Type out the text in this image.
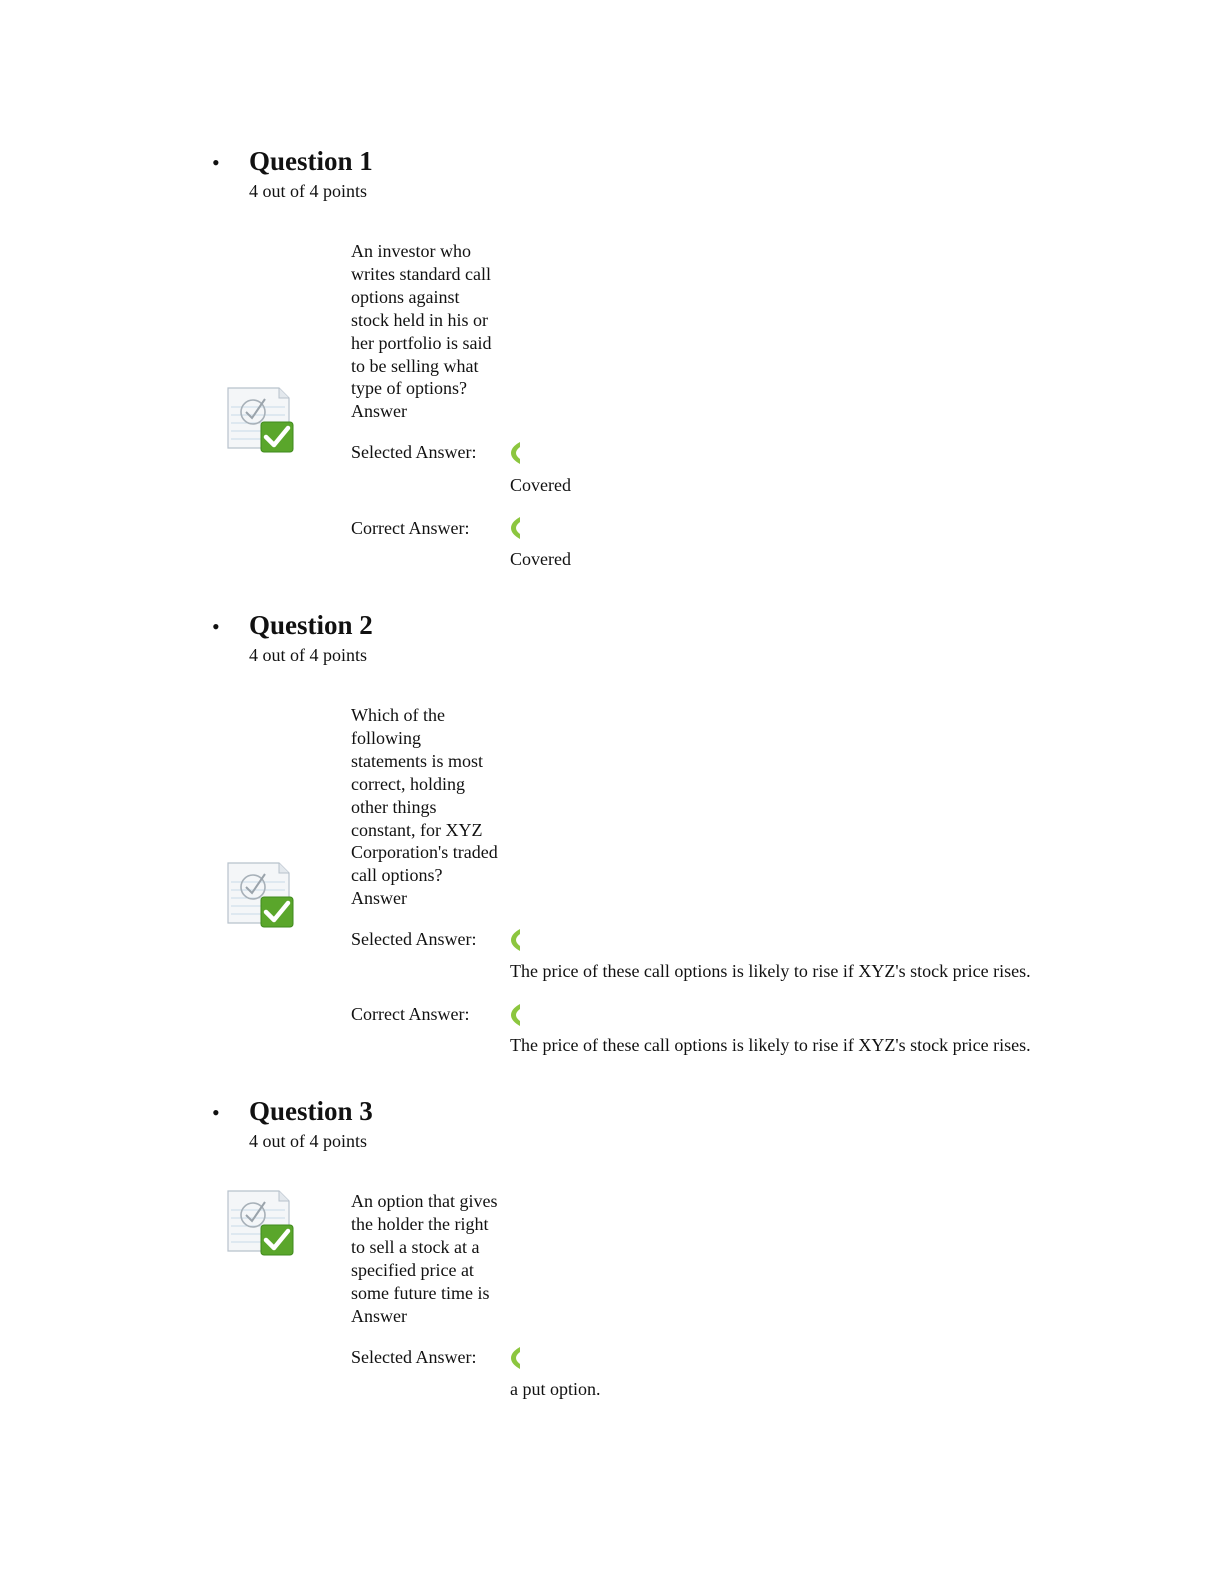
• Question 1
4 out of 4 points
An investor who
writes standard call
options against
stock held in his or
her portfolio is said
to be selling what
type of options?
Answer
Selected Answer:
Covered
Correct Answer:
Covered
• Question 2
4 out of 4 points
Which of the
following
statements is most
correct, holding
other things
constant, for XYZ
Corporation's traded
call options?
Answer
Selected Answer:
The price of these call options is likely to rise if XYZ's stock price rises.
Correct Answer:
The price of these call options is likely to rise if XYZ's stock price rises.
• Question 3
4 out of 4 points
An option that gives
the holder the right
to sell a stock at a
specified price at
some future time is
Answer
Selected Answer:
a put option.
